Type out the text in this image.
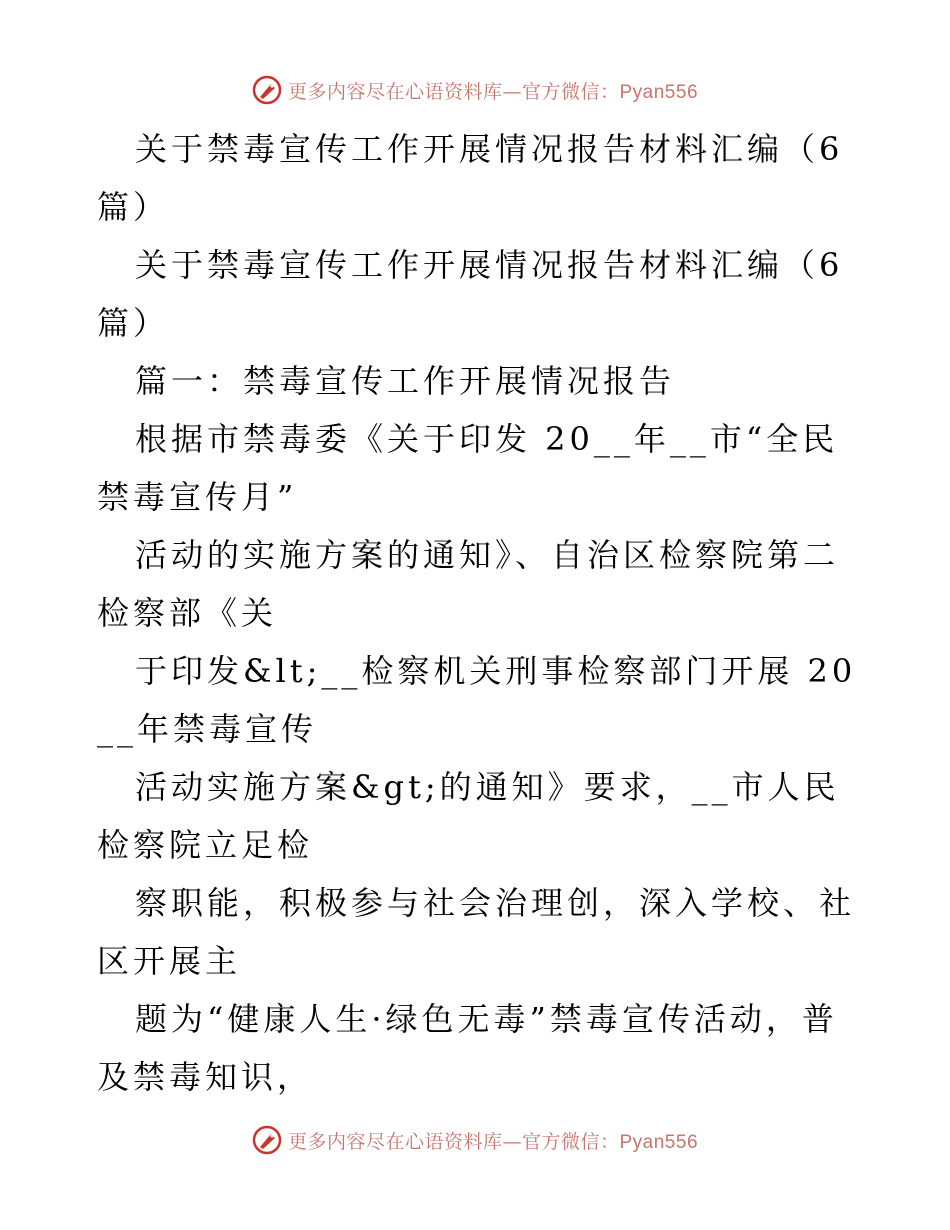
更多内容尽在心语资料库—官方微信：Pyan556

关于禁毒宣传工作开展情况报告材料汇编（6篇）

关于禁毒宣传工作开展情况报告材料汇编（6篇）

篇一：禁毒宣传工作开展情况报告

根据市禁毒委《关于印发 20__年__市“全民禁毒宣传月”

活动的实施方案的通知》、自治区检察院第二检察部《关

于印发&lt;__检察机关刑事检察部门开展 20__年禁毒宣传

活动实施方案&gt;的通知》要求，__市人民检察院立足检

察职能，积极参与社会治理创，深入学校、社区开展主

题为“健康人生·绿色无毒”禁毒宣传活动，普及禁毒知识，

更多内容尽在心语资料库—官方微信：Pyan556
